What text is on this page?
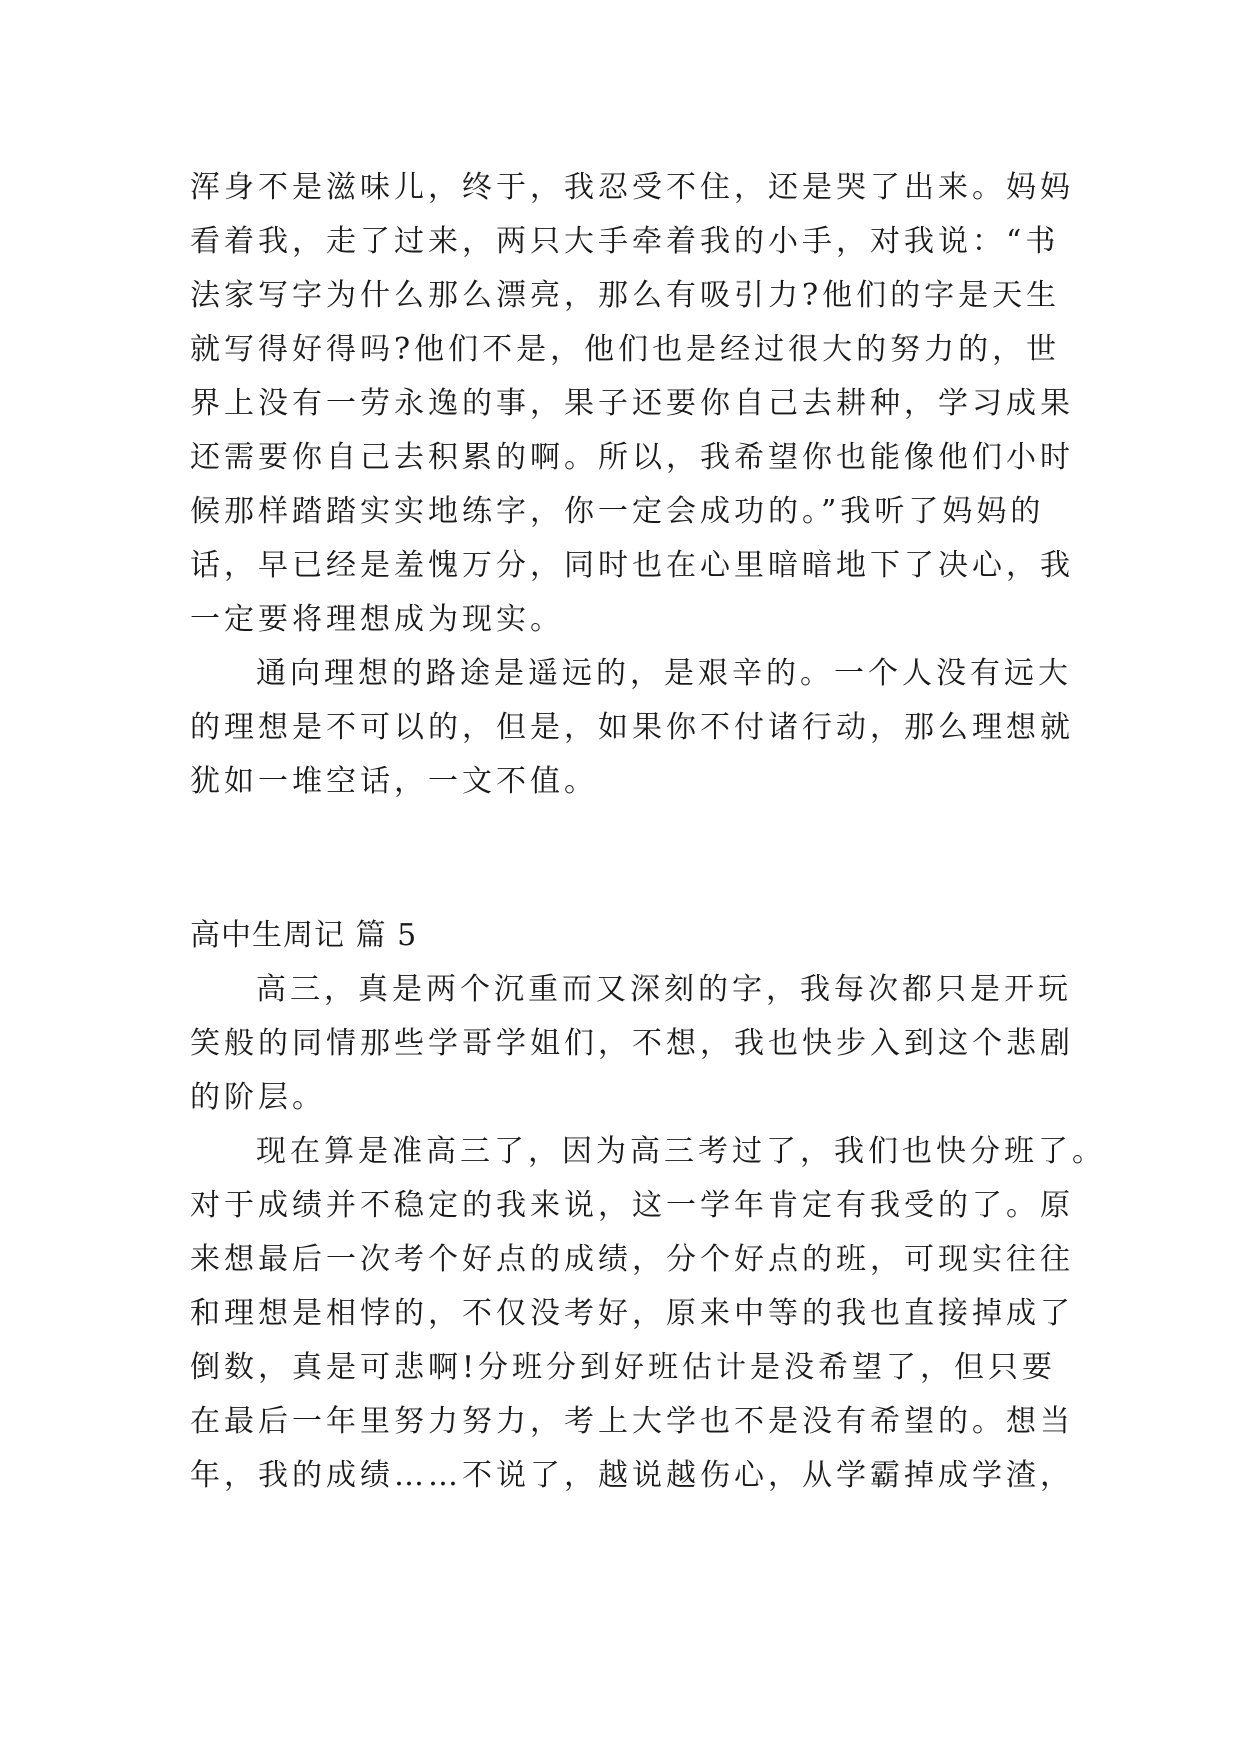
浑身不是滋味儿，终于，我忍受不住，还是哭了出来。妈妈
看着我，走了过来，两只大手牵着我的小手，对我说：“书
法家写字为什么那么漂亮，那么有吸引力?他们的字是天生
就写得好得吗?他们不是，他们也是经过很大的努力的，世
界上没有一劳永逸的事，果子还要你自己去耕种，学习成果
还需要你自己去积累的啊。所以，我希望你也能像他们小时
候那样踏踏实实地练字，你一定会成功的。”我听了妈妈的
话，早已经是羞愧万分，同时也在心里暗暗地下了决心，我
一定要将理想成为现实。
通向理想的路途是遥远的，是艰辛的。一个人没有远大
的理想是不可以的，但是，如果你不付诸行动，那么理想就
犹如一堆空话，一文不值。
高中生周记 篇 5
高三，真是两个沉重而又深刻的字，我每次都只是开玩
笑般的同情那些学哥学姐们，不想，我也快步入到这个悲剧
的阶层。
现在算是准高三了，因为高三考过了，我们也快分班了。
对于成绩并不稳定的我来说，这一学年肯定有我受的了。原
来想最后一次考个好点的成绩，分个好点的班，可现实往往
和理想是相悖的，不仅没考好，原来中等的我也直接掉成了
倒数，真是可悲啊!分班分到好班估计是没希望了，但只要
在最后一年里努力努力，考上大学也不是没有希望的。想当
年，我的成绩……不说了，越说越伤心，从学霸掉成学渣，
